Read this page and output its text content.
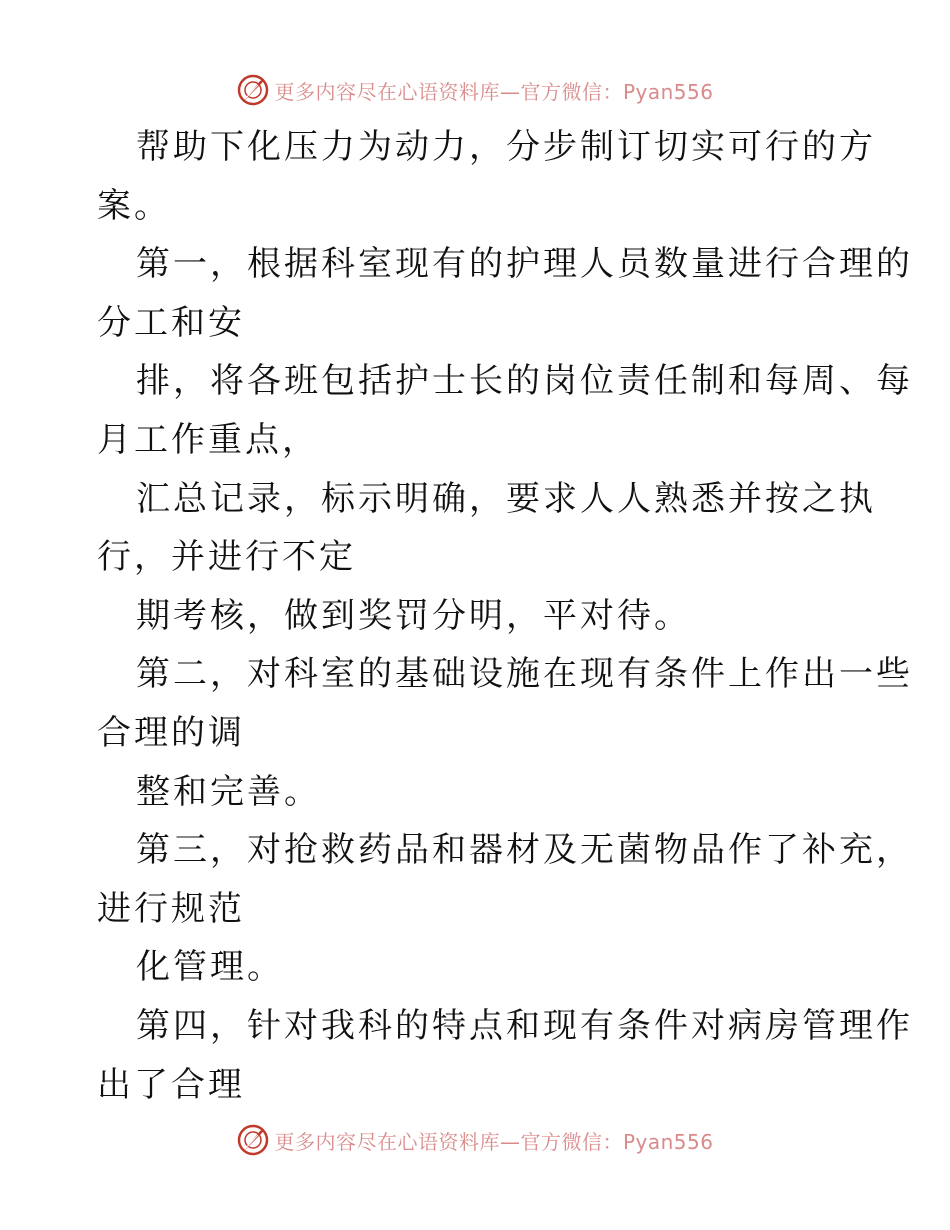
更多内容尽在心语资料库—官方微信：Pyan556
帮助下化压力为动力，分步制订切实可行的方
案。
第一，根据科室现有的护理人员数量进行合理的
分工和安
排，将各班包括护士长的岗位责任制和每周、每
月工作重点，
汇总记录，标示明确，要求人人熟悉并按之执
行，并进行不定
期考核，做到奖罚分明，平对待。
第二，对科室的基础设施在现有条件上作出一些
合理的调
整和完善。
第三，对抢救药品和器材及无菌物品作了补充，
进行规范
化管理。
第四，针对我科的特点和现有条件对病房管理作
出了合理
更多内容尽在心语资料库—官方微信：Pyan556
